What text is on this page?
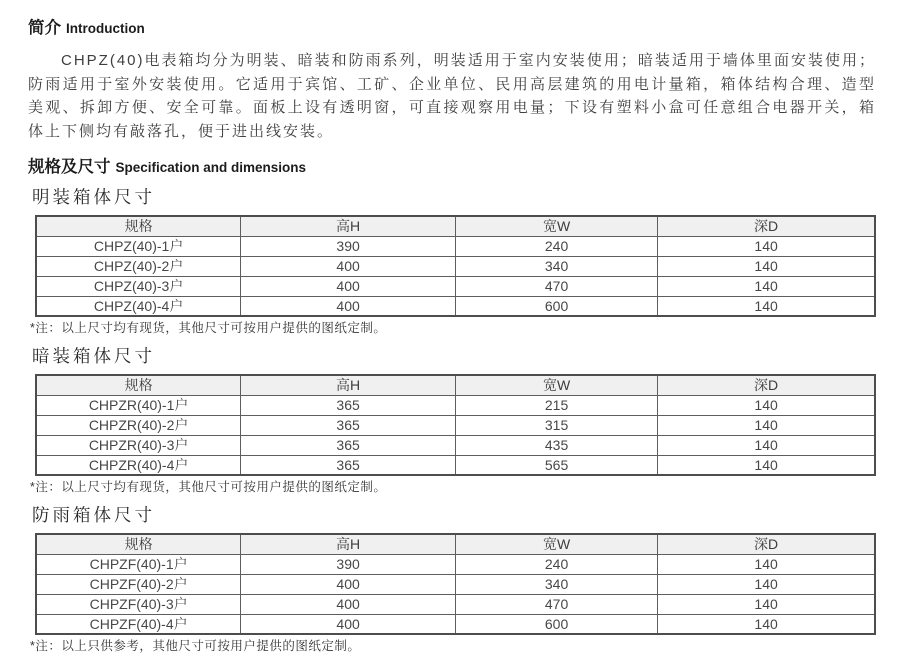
简介 Introduction

CHPZ(40)电表箱均分为明装、暗装和防雨系列，明装适用于室内安装使用；暗装适用于墙体里面安装使用；防雨适用于室外安装使用。它适用于宾馆、工矿、企业单位、民用高层建筑的用电计量箱，箱体结构合理、造型美观、拆卸方便、安全可靠。面板上设有透明窗，可直接观察用电量；下设有塑料小盒可任意组合电器开关，箱体上下侧均有敲落孔，便于进出线安装。

规格及尺寸 Specification and dimensions
明装箱体尺寸
规格	高H	宽W	深D
CHPZ(40)-1户	390	240	140
CHPZ(40)-2户	400	340	140
CHPZ(40)-3户	400	470	140
CHPZ(40)-4户	400	600	140

*注：以上尺寸均有现货，其他尺寸可按用户提供的图纸定制。

暗装箱体尺寸
规格	高H	宽W	深D
CHPZR(40)-1户	365	215	140
CHPZR(40)-2户	365	315	140
CHPZR(40)-3户	365	435	140
CHPZR(40)-4户	365	565	140

*注：以上尺寸均有现货，其他尺寸可按用户提供的图纸定制。

防雨箱体尺寸
规格	高H	宽W	深D
CHPZF(40)-1户	390	240	140
CHPZF(40)-2户	400	340	140
CHPZF(40)-3户	400	470	140
CHPZF(40)-4户	400	600	140

*注：以上只供参考，其他尺寸可按用户提供的图纸定制。
